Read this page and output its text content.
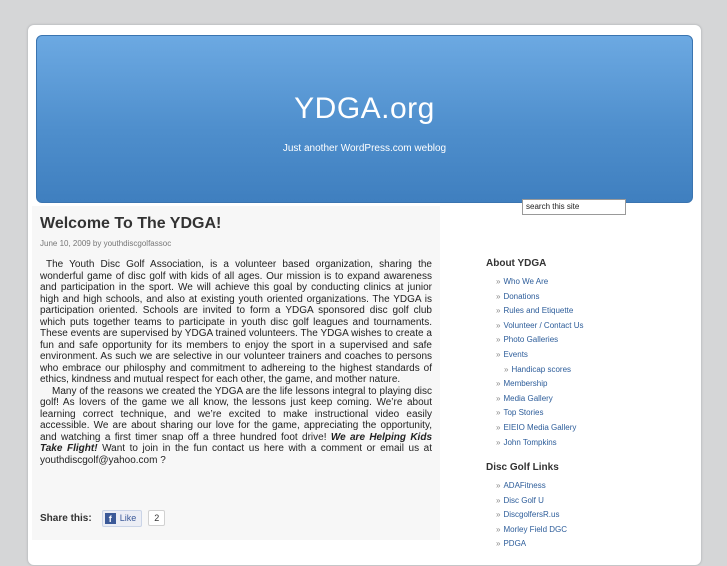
YDGA.org
Just another WordPress.com weblog
Welcome To The YDGA!
June 10, 2009 by youthdiscgolfassoc

The Youth Disc Golf Association, is a volunteer based organization, sharing the wonderful game of disc golf with kids of all ages. Our mission is to expand awareness and participation in the sport. We will achieve this goal by conducting clinics at junior high and high schools, and also at existing youth oriented organizations. The YDGA is participation oriented. Schools are invited to form a YDGA sponsored disc golf club which puts together teams to participate in youth disc golf leagues and tournaments. These events are supervised by YDGA trained volunteers. The YDGA wishes to create a fun and safe opportunity for its members to enjoy the sport in a supervised and safe environment. As such we are selective in our volunteer trainers and coaches to persons who embrace our philosphy and commitment to adhereing to the highest standards of ethics, kindness and mutual respect for each other, the game, and mother nature.
Many of the reasons we created the YDGA are the life lessons integral to playing disc golf! As lovers of the game we all know, the lessons just keep coming. We’re about learning correct technique, and we’re excited to make instructional video easily accessible. We are about sharing our love for the game, appreciating the opportunity, and watching a first timer snap off a three hundred foot drive! We are Helping Kids Take Flight! Want to join in the fun contact us here with a comment or email us at youthdiscgolf@yahoo.com ?

Share this:	f Like	2
search this site
About YDGA
» Who We Are
» Donations
» Rules and Etiquette
» Volunteer / Contact Us
» Photo Galleries
» Events
» Handicap scores
» Membership
» Media Gallery
» Top Stories
» EIEIO Media Gallery
» John Tompkins
Disc Golf Links
» ADAFitness
» Disc Golf U
» DiscgolfersR.us
» Morley Field DGC
» PDGA
